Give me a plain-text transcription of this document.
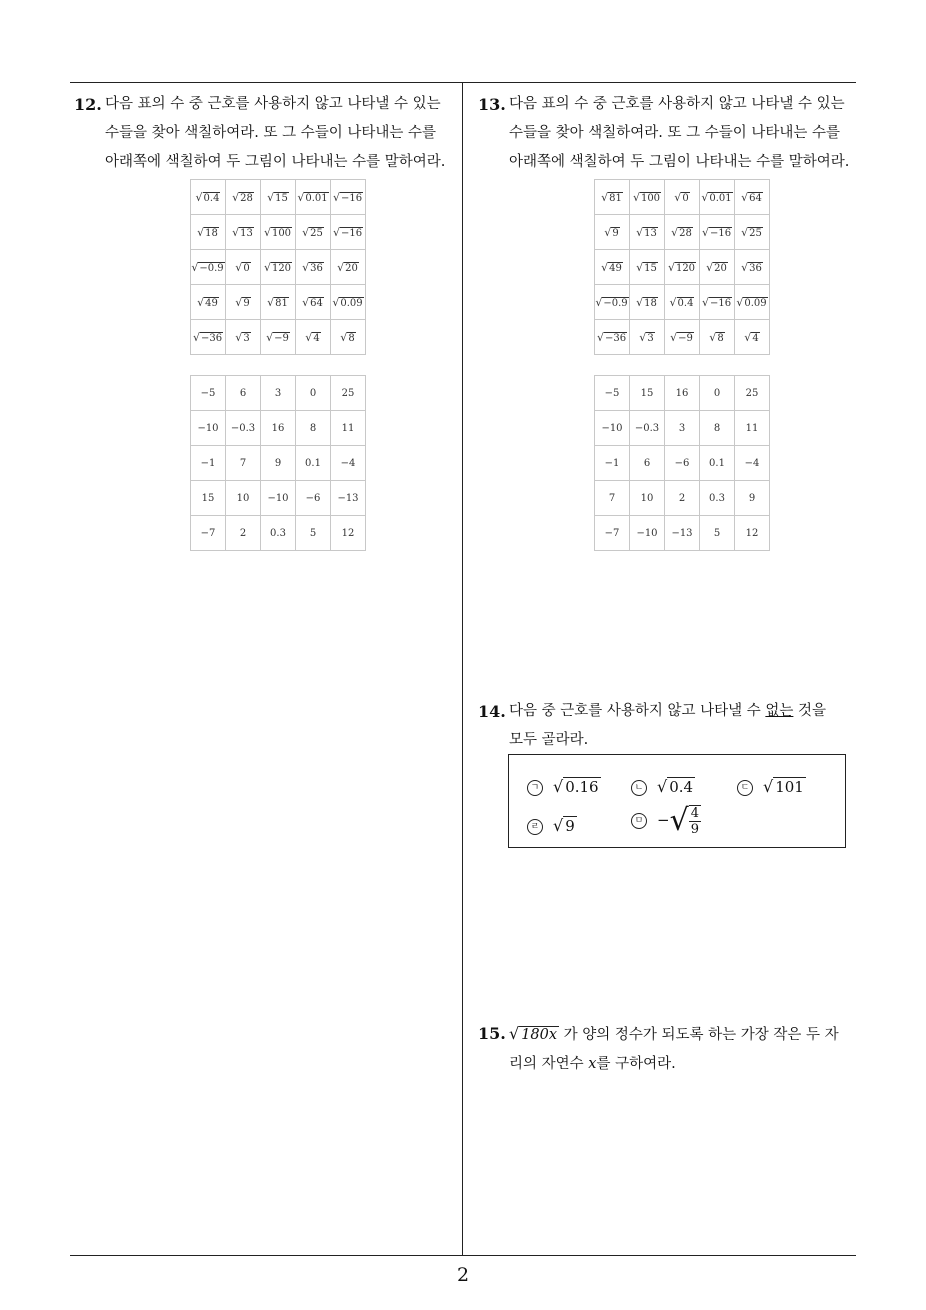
12. 다음 표의 수 중 근호를 사용하지 않고 나타낼 수 있는
수들을 찾아 색칠하여라. 또 그 수들이 나타내는 수를
아래쪽에 색칠하여 두 그림이 나타내는 수를 말하여라.
√0.4	√28	√15	√0.01	√−16
√18	√13	√100	√25	√−16
√−0.9	√0	√120	√36	√20
√49	√9	√81	√64	√0.09
√−36	√3	√−9	√4	√8
−5	6	3	0	25
−10	−0.3	16	8	11
−1	7	9	0.1	−4
15	10	−10	−6	−13
−7	2	0.3	5	12
13. 다음 표의 수 중 근호를 사용하지 않고 나타낼 수 있는
수들을 찾아 색칠하여라. 또 그 수들이 나타내는 수를
아래쪽에 색칠하여 두 그림이 나타내는 수를 말하여라.
√81	√100	√0	√0.01	√64
√9	√13	√28	√−16	√25
√49	√15	√120	√20	√36
√−0.9	√18	√0.4	√−16	√0.09
√−36	√3	√−9	√8	√4
−5	15	16	0	25
−10	−0.3	3	8	11
−1	6	−6	0.1	−4
7	10	2	0.3	9
−7	−10	−13	5	12
14. 다음 중 근호를 사용하지 않고 나타낼 수 없는 것을
모두 골라라.
ㄱ √ 0.16	ㄴ √ 0.4	ㄷ √ 101
ㄹ √ 9	ㅁ −√ $\frac{4}{9}$
15. √ 180x 가 양의 정수가 되도록 하는 가장 작은 두 자
리의 자연수 x를 구하여라.
2
